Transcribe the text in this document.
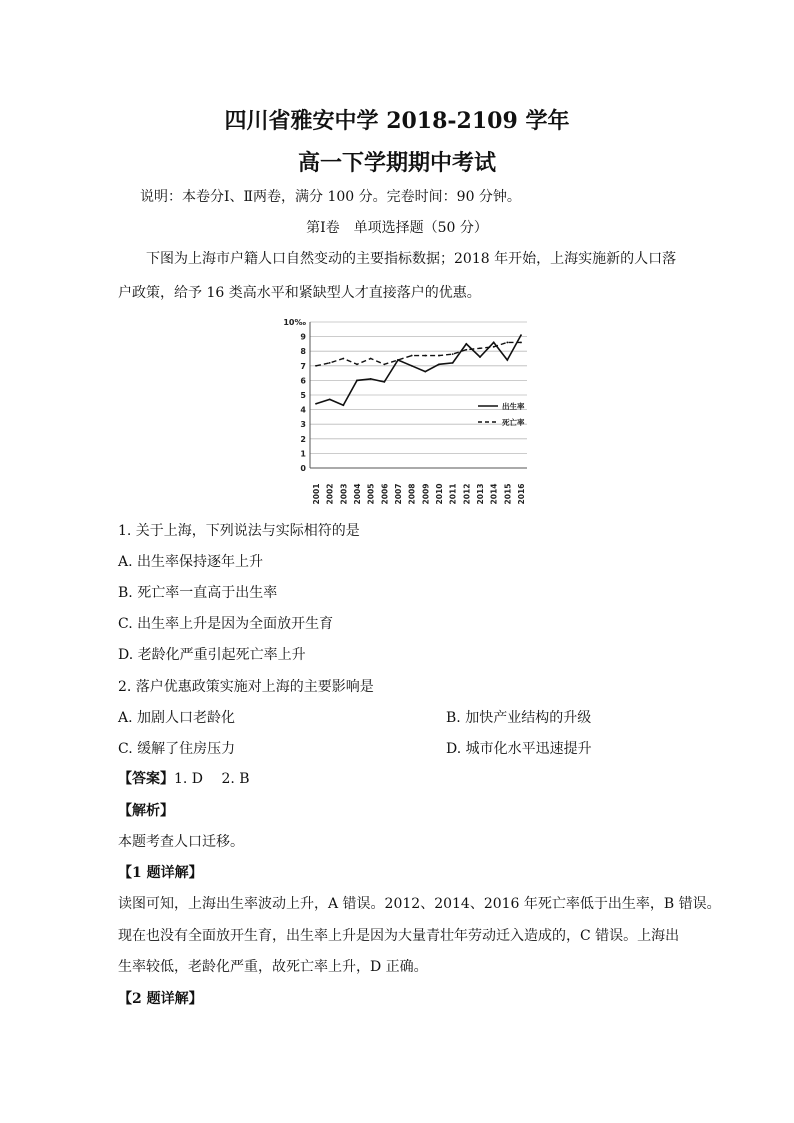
四川省雅安中学 2018-2109 学年
高一下学期期中考试
说明：本卷分Ⅰ、Ⅱ两卷，满分 100 分。完卷时间：90 分钟。
第Ⅰ卷　单项选择题（50 分）
下图为上海市户籍人口自然变动的主要指标数据；2018 年开始，上海实施新的人口落
户政策，给予 16 类高水平和紧缺型人才直接落户的优惠。
0
1
2
3
4
5
6
7
8
9
10‰
2001 2002 2003 2004 2005 2006 2007 2008 2009 2010 2011 2012 2013 2014 2015 2016
出生率
死亡率
1. 关于上海，下列说法与实际相符的是
A. 出生率保持逐年上升
B. 死亡率一直高于出生率
C. 出生率上升是因为全面放开生育
D. 老龄化严重引起死亡率上升
2. 落户优惠政策实施对上海的主要影响是
A. 加剧人口老龄化	B. 加快产业结构的升级
C. 缓解了住房压力	D. 城市化水平迅速提升
【答案】1. D　 2. B
【解析】
本题考查人口迁移。
【1 题详解】
读图可知，上海出生率波动上升，A 错误。2012、2014、2016 年死亡率低于出生率，B 错误。
现在也没有全面放开生育，出生率上升是因为大量青壮年劳动迁入造成的，C 错误。上海出
生率较低，老龄化严重，故死亡率上升，D 正确。
【2 题详解】
